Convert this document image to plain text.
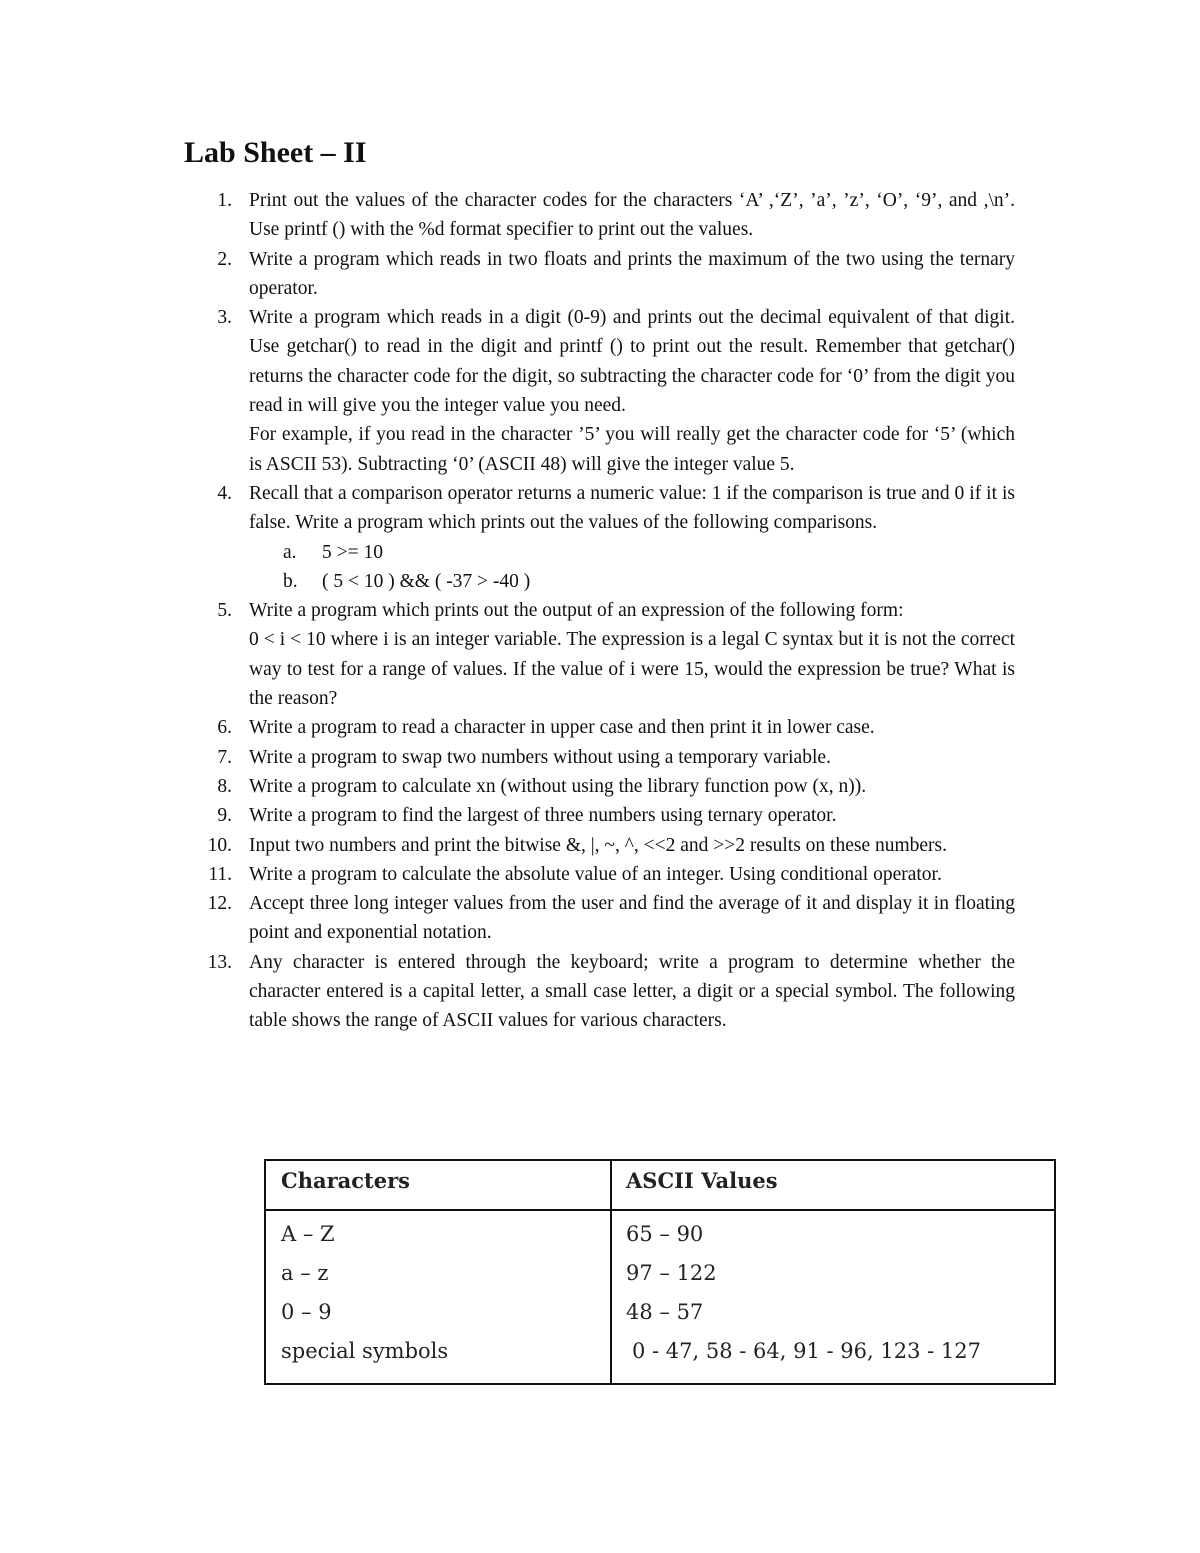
Lab Sheet – II
1. Print out the values of the character codes for the characters ‘A’ ,‘Z’, ’a’, ’z’, ‘O’, ‘9’, and ,\n’. Use printf () with the %d format specifier to print out the values.

2. Write a program which reads in two floats and prints the maximum of the two using the ternary operator.

3. Write a program which reads in a digit (0-9) and prints out the decimal equivalent of that digit. Use getchar() to read in the digit and printf () to print out the result. Remember that getchar() returns the character code for the digit, so subtracting the character code for ‘0’ from the digit you read in will give you the integer value you need.

For example, if you read in the character ’5’ you will really get the character code for ‘5’ (which is ASCII 53). Subtracting ‘0’ (ASCII 48) will give the integer value 5.

4. Recall that a comparison operator returns a numeric value: 1 if the comparison is true and 0 if it is false. Write a program which prints out the values of the following comparisons.

a. 5 >= 10
b. ( 5 < 10 ) && ( -37 > -40 )
5. Write a program which prints out the output of an expression of the following form:

0 < i < 10 where i is an integer variable. The expression is a legal C syntax but it is not the correct way to test for a range of values. If the value of i were 15, would the expression be true? What is the reason?

6. Write a program to read a character in upper case and then print it in lower case.

7. Write a program to swap two numbers without using a temporary variable.

8. Write a program to calculate xn (without using the library function pow (x, n)).

9. Write a program to find the largest of three numbers using ternary operator.

10. Input two numbers and print the bitwise &, |, ~, ^, <<2 and >>2 results on these numbers.

11. Write a program to calculate the absolute value of an integer. Using conditional operator.

12. Accept three long integer values from the user and find the average of it and display it in floating point and exponential notation.

13. Any character is entered through the keyboard; write a program to determine whether the character entered is a capital letter, a small case letter, a digit or a special symbol. The following table shows the range of ASCII values for various characters.

Characters	ASCII Values
A – Z	65 – 90
a – z	97 – 122
0 – 9	48 – 57
special symbols	0 - 47, 58 - 64, 91 - 96, 123 - 127
